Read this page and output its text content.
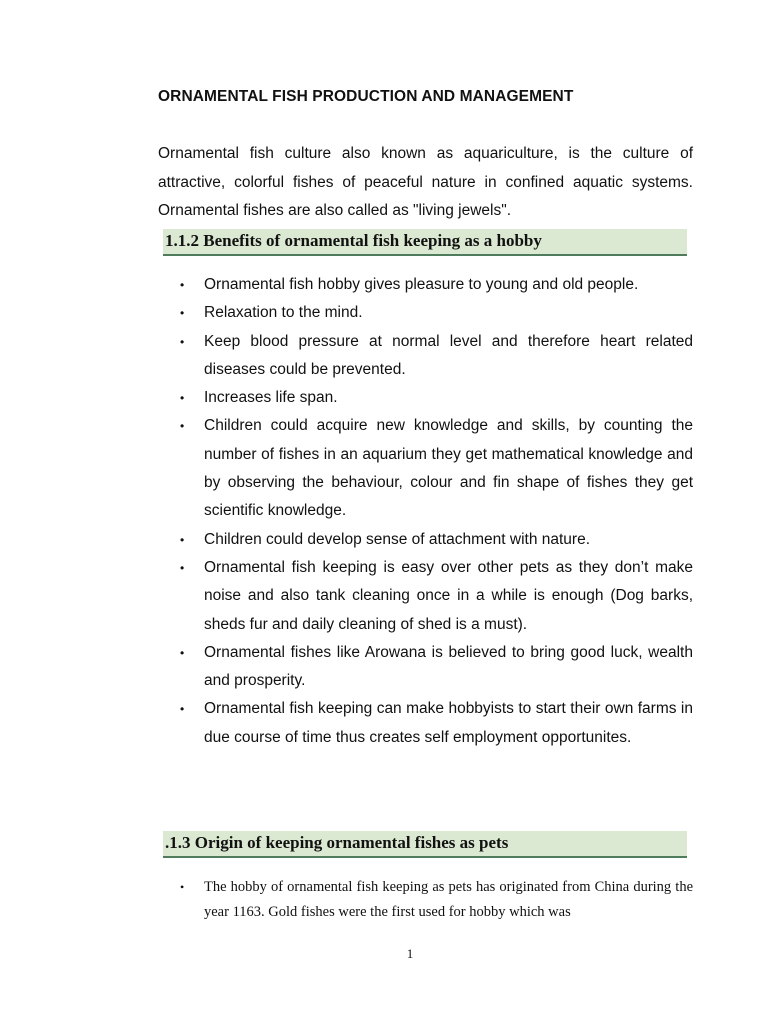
ORNAMENTAL FISH PRODUCTION AND MANAGEMENT

Ornamental fish culture also known as aquariculture, is the culture of attractive, colorful fishes of peaceful nature in confined aquatic systems. Ornamental fishes are also called as "living jewels".

1.1.2 Benefits of ornamental fish keeping as a hobby
• Ornamental fish hobby gives pleasure to young and old people.
• Relaxation to the mind.
• Keep blood pressure at normal level and therefore heart related diseases could be prevented.
• Increases life span.
• Children could acquire new knowledge and skills, by counting the number of fishes in an aquarium they get mathematical knowledge and by observing the behaviour, colour and fin shape of fishes they get scientific knowledge.
• Children could develop sense of attachment with nature.
• Ornamental fish keeping is easy over other pets as they don’t make noise and also tank cleaning once in a while is enough (Dog barks, sheds fur and daily cleaning of shed is a must).
• Ornamental fishes like Arowana is believed to bring good luck, wealth and prosperity.
• Ornamental fish keeping can make hobbyists to start their own farms in due course of time thus creates self employment opportunites.
.1.3 Origin of keeping ornamental fishes as pets
• The hobby of ornamental fish keeping as pets has originated from China during the year 1163. Gold fishes were the first used for hobby which was
1
